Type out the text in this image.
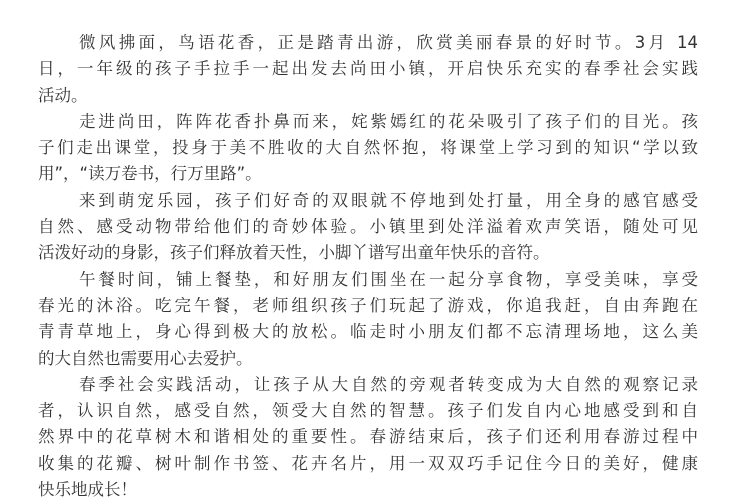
微风拂面，鸟语花香，正是踏青出游，欣赏美丽春景的好时节。3月 14
日，一年级的孩子手拉手一起出发去尚田小镇，开启快乐充实的春季社会实践
活动。
走进尚田，阵阵花香扑鼻而来，姹紫嫣红的花朵吸引了孩子们的目光。孩
子们走出课堂，投身于美不胜收的大自然怀抱，将课堂上学习到的知识“学以致
用”，“读万卷书，行万里路”。
来到萌宠乐园，孩子们好奇的双眼就不停地到处打量，用全身的感官感受
自然、感受动物带给他们的奇妙体验。小镇里到处洋溢着欢声笑语，随处可见
活泼好动的身影，孩子们释放着天性，小脚丫谱写出童年快乐的音符。
午餐时间，铺上餐垫，和好朋友们围坐在一起分享食物，享受美味，享受
春光的沐浴。吃完午餐，老师组织孩子们玩起了游戏，你追我赶，自由奔跑在
青青草地上，身心得到极大的放松。临走时小朋友们都不忘清理场地，这么美
的大自然也需要用心去爱护。
春季社会实践活动，让孩子从大自然的旁观者转变成为大自然的观察记录
者，认识自然，感受自然，领受大自然的智慧。孩子们发自内心地感受到和自
然界中的花草树木和谐相处的重要性。春游结束后，孩子们还利用春游过程中
收集的花瓣、树叶制作书签、花卉名片，用一双双巧手记住今日的美好，健康
快乐地成长！
